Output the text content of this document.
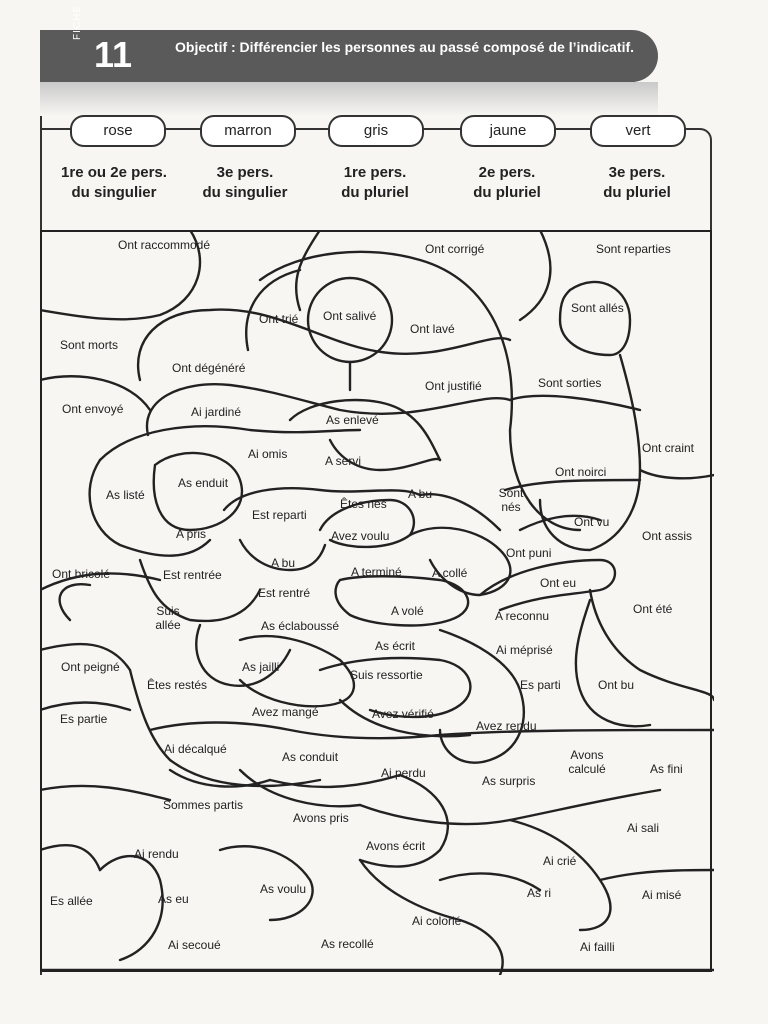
FICHE
11	Objectif : Différencier les personnes au passé composé de l’indicatif.
rose	marron	gris	jaune	vert
1re ou 2e pers.
du singulier
3e pers.
du singulier
1re pers.
du pluriel
2e pers.
du pluriel
3e pers.
du pluriel
Ont raccommodé	Ont corrigé	Sont reparties
Ont trié Ont salivé
Ont lavé
Sont allés
Sont morts
Ont dégénéré
Ont justifié	Sont sorties
Ont envoyé	Ai jardiné
As enlevé
Ont craint
Ai omis	A servi
Ont noirci
As listé
As enduit
Êtes nés
A bu	Sont nés
Est reparti	Ont vu
Ont assis
A pris	Avez voulu
Ont puni
A bu
Ont bricolé	Est rentrée	A terminé	A collé
Ont eu
Est rentré
Ont été
Suis allée
A volé	A reconnu
As éclaboussé
As écrit
Ont peigné
Ai méprisé
Êtes restés
As jailli
Suis ressortie
Es parti	Ont bu
Es partie	Avez mangé	Avez vérifié
Avez rendu
Avons calculé
Ai décalqué
As conduit
Ai perdu
As surpris
As fini
Sommes partis
Avons pris
Ai sali
Ai rendu
Avons écrit
Ai crié
Es allée	As eu
As voulu	As ri	Ai misé
Ai colorié
Ai secoué	As recollé	Ai failli
